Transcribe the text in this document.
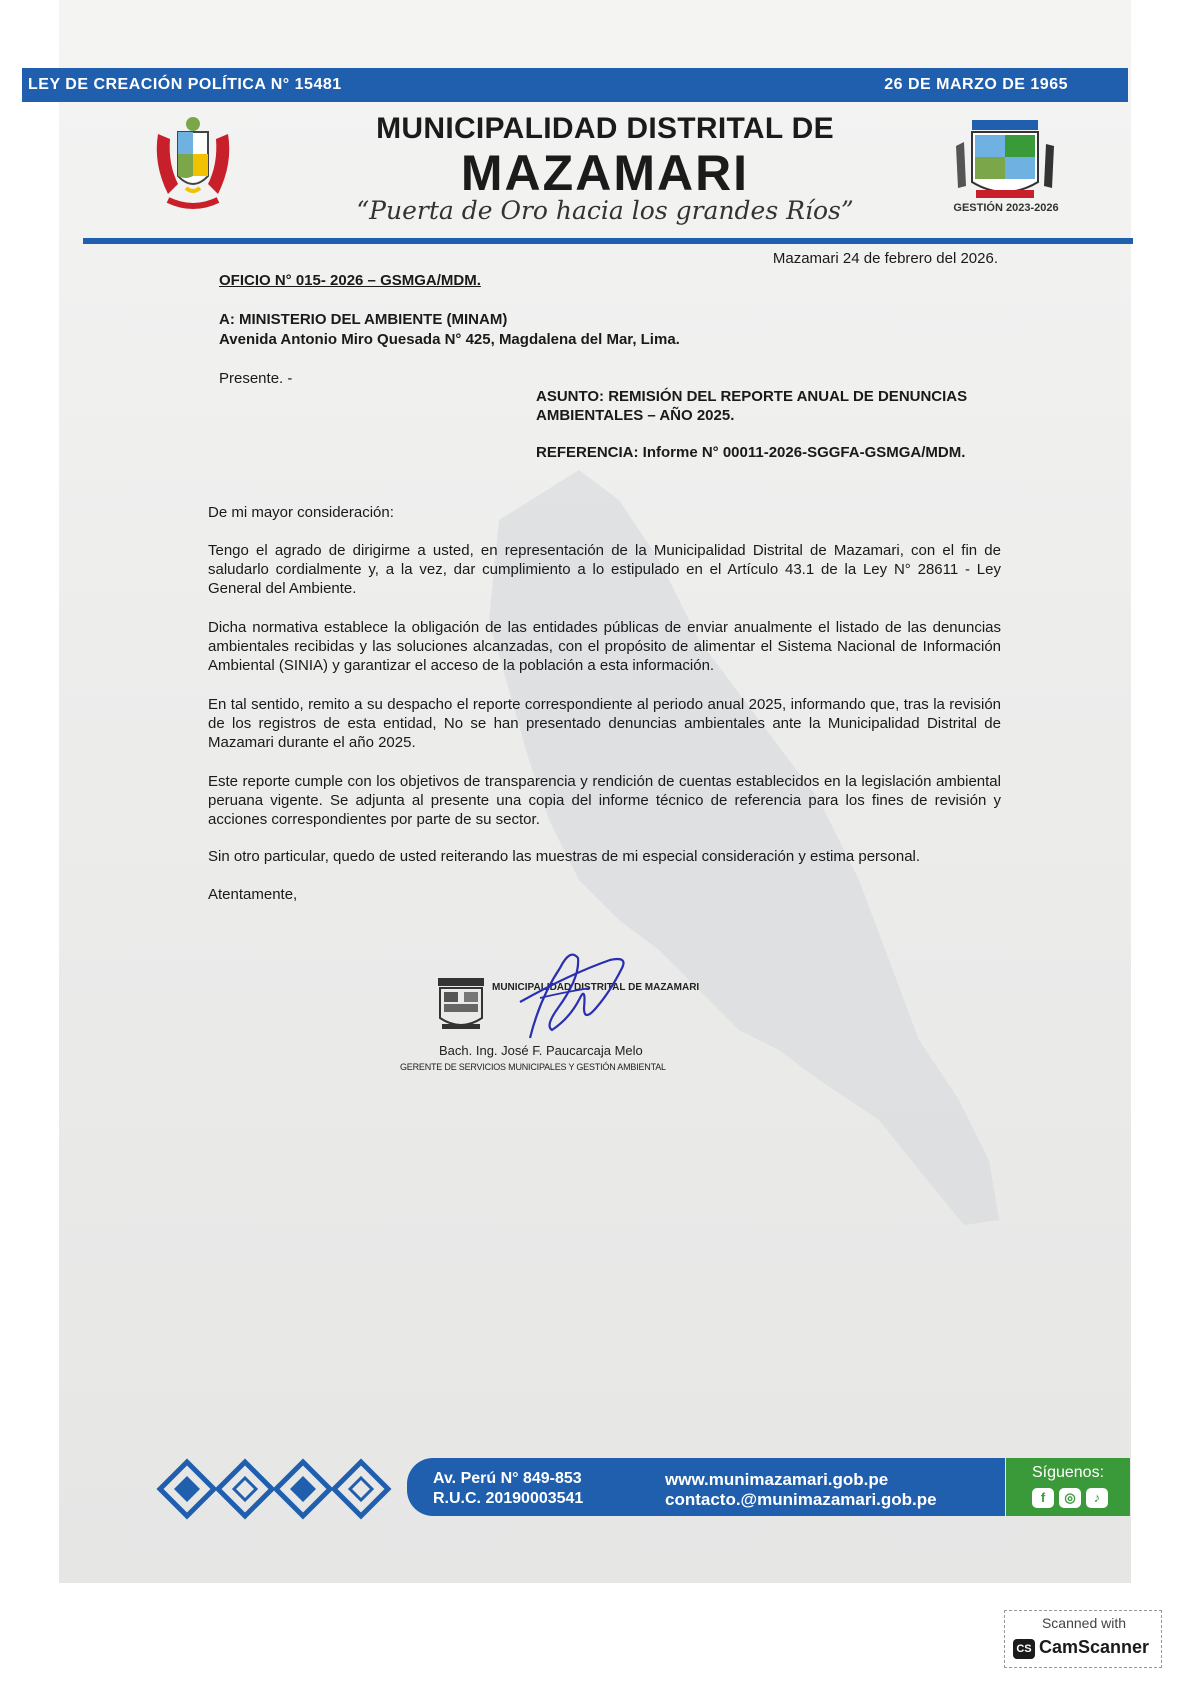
LEY DE CREACIÓN POLÍTICA N° 15481	26 DE MARZO DE 1965
MUNICIPALIDAD DISTRITAL DE
MAZAMARI
“Puerta de Oro hacia los grandes Ríos”	GESTIÓN 2023-2026
Mazamari 24 de febrero del 2026.
OFICIO N° 015- 2026 – GSMGA/MDM.
A: MINISTERIO DEL AMBIENTE (MINAM)
Avenida Antonio Miro Quesada N° 425, Magdalena del Mar, Lima.
Presente. -
ASUNTO: REMISIÓN DEL REPORTE ANUAL DE DENUNCIAS AMBIENTALES – AÑO 2025.
REFERENCIA: Informe N° 00011-2026-SGGFA-GSMGA/MDM.
De mi mayor consideración:
Tengo el agrado de dirigirme a usted, en representación de la Municipalidad Distrital de Mazamari, con el fin de saludarlo cordialmente y, a la vez, dar cumplimiento a lo estipulado en el Artículo 43.1 de la Ley N° 28611 - Ley General del Ambiente.
Dicha normativa establece la obligación de las entidades públicas de enviar anualmente el listado de las denuncias ambientales recibidas y las soluciones alcanzadas, con el propósito de alimentar el Sistema Nacional de Información Ambiental (SINIA) y garantizar el acceso de la población a esta información.
En tal sentido, remito a su despacho el reporte correspondiente al periodo anual 2025, informando que, tras la revisión de los registros de esta entidad, No se han presentado denuncias ambientales ante la Municipalidad Distrital de Mazamari durante el año 2025.
Este reporte cumple con los objetivos de transparencia y rendición de cuentas establecidos en la legislación ambiental peruana vigente. Se adjunta al presente una copia del informe técnico de referencia para los fines de revisión y acciones correspondientes por parte de su sector.
Sin otro particular, quedo de usted reiterando las muestras de mi especial consideración y estima personal.
Atentamente,
MUNICIPALIDAD DISTRITAL DE MAZAMARI
Bach. Ing. José F. Paucarcaja Melo
GERENTE DE SERVICIOS MUNICIPALES Y GESTIÓN AMBIENTAL
Av. Perú N° 849-853
R.U.C. 20190003541
www.munimazamari.gob.pe
contacto.@munimazamari.gob.pe
Síguenos:
f	◎	♪
Scanned with
CS CamScanner
